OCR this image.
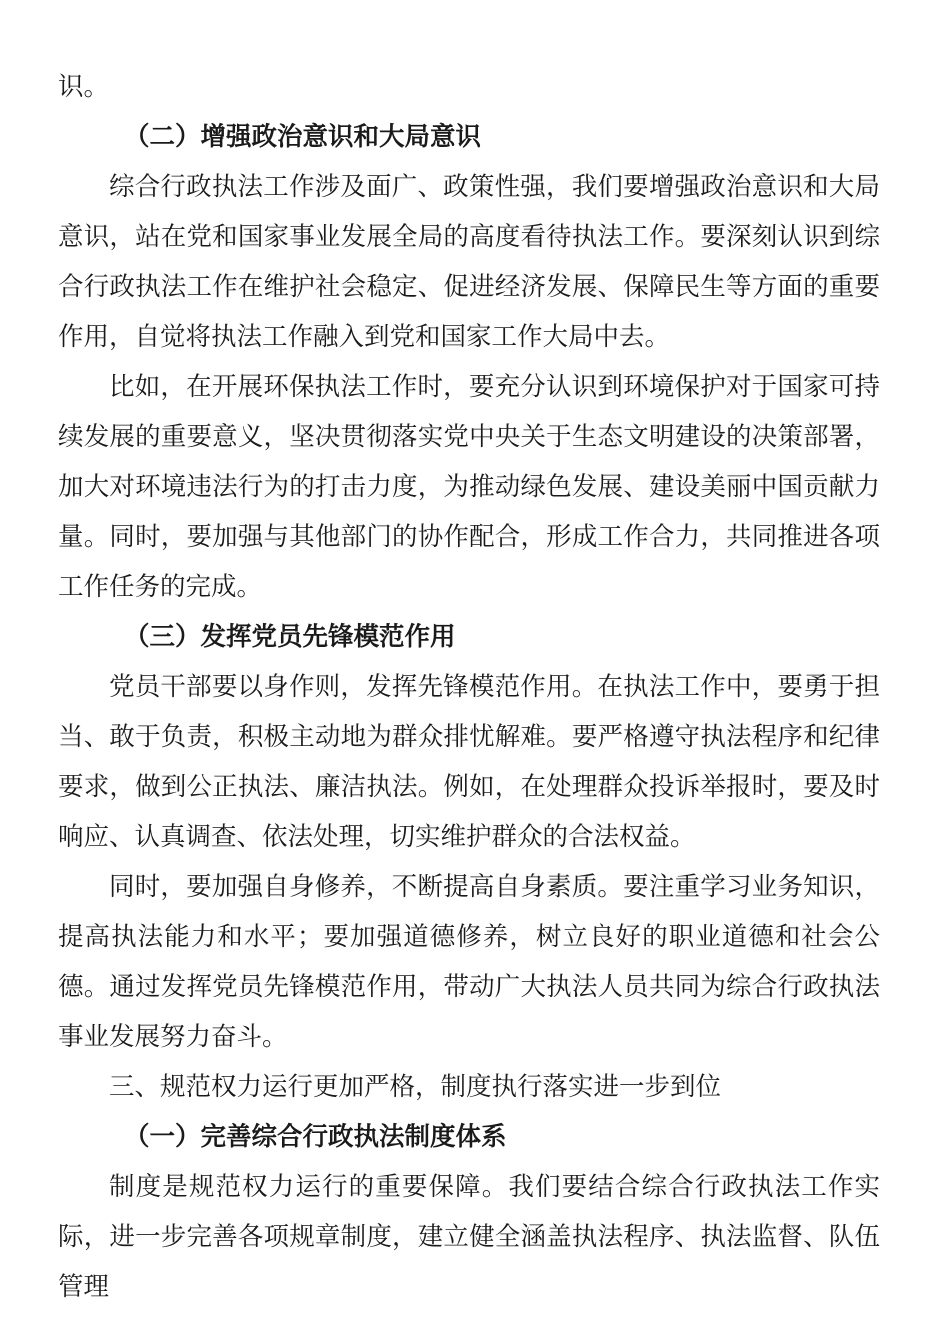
识。

（二）增强政治意识和大局意识

综合行政执法工作涉及面广、政策性强，我们要增强政治意识和大局意识，站在党和国家事业发展全局的高度看待执法工作。要深刻认识到综合行政执法工作在维护社会稳定、促进经济发展、保障民生等方面的重要作用，自觉将执法工作融入到党和国家工作大局中去。

比如，在开展环保执法工作时，要充分认识到环境保护对于国家可持续发展的重要意义，坚决贯彻落实党中央关于生态文明建设的决策部署，加大对环境违法行为的打击力度，为推动绿色发展、建设美丽中国贡献力量。同时，要加强与其他部门的协作配合，形成工作合力，共同推进各项工作任务的完成。

（三）发挥党员先锋模范作用

党员干部要以身作则，发挥先锋模范作用。在执法工作中，要勇于担当、敢于负责，积极主动地为群众排忧解难。要严格遵守执法程序和纪律要求，做到公正执法、廉洁执法。例如，在处理群众投诉举报时，要及时响应、认真调查、依法处理，切实维护群众的合法权益。

同时，要加强自身修养，不断提高自身素质。要注重学习业务知识，提高执法能力和水平；要加强道德修养，树立良好的职业道德和社会公德。通过发挥党员先锋模范作用，带动广大执法人员共同为综合行政执法事业发展努力奋斗。

三、规范权力运行更加严格，制度执行落实进一步到位

（一）完善综合行政执法制度体系

制度是规范权力运行的重要保障。我们要结合综合行政执法工作实际，进一步完善各项规章制度，建立健全涵盖执法程序、执法监督、队伍管理
